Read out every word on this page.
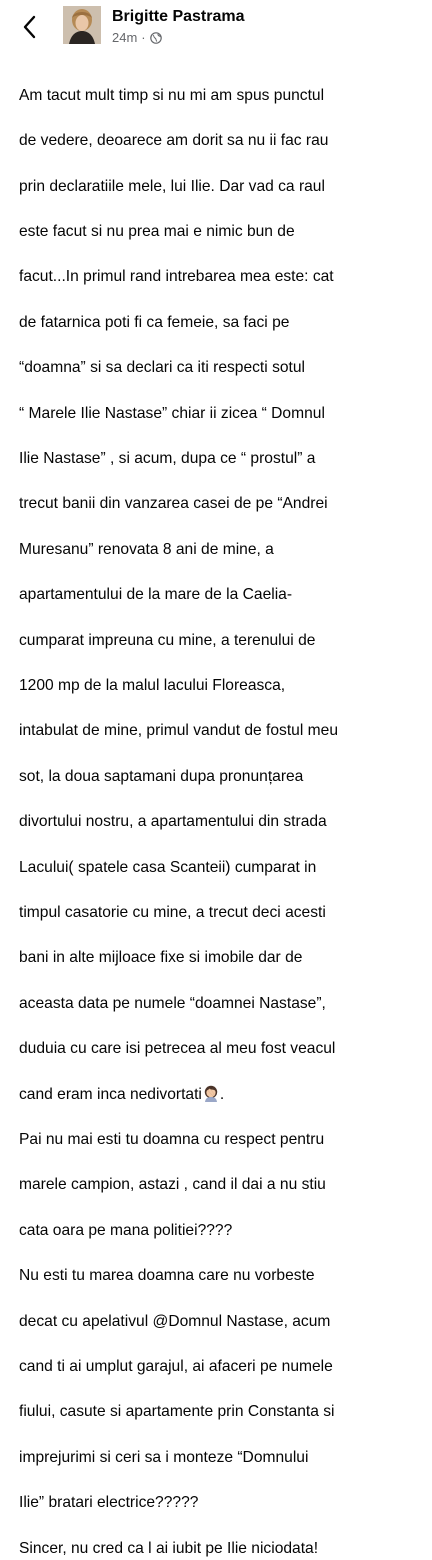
Brigitte Pastrama
24m ·

Am tacut mult timp si nu mi am spus punctul

de vedere, deoarece am dorit sa nu ii fac rau

prin declaratiile mele, lui Ilie. Dar vad ca raul

este facut si nu prea mai e nimic bun de

facut...In primul rand intrebarea mea este: cat

de fatarnica poti fi ca femeie, sa faci pe

“doamna” si sa declari ca iti respecti sotul

“ Marele Ilie Nastase” chiar ii zicea “ Domnul

Ilie Nastase” , si acum, dupa ce “ prostul” a

trecut banii din vanzarea casei de pe “Andrei

Muresanu” renovata 8 ani de mine, a

apartamentului de la mare de la Caelia-

cumparat impreuna cu mine, a terenului de

1200 mp de la malul lacului Floreasca,

intabulat de mine, primul vandut de fostul meu

sot, la doua saptamani dupa pronunțarea

divortului nostru, a apartamentului din strada

Lacului( spatele casa Scanteii) cumparat in

timpul casatorie cu mine, a trecut deci acesti

bani in alte mijloace fixe si imobile dar de

aceasta data pe numele “doamnei Nastase”,

duduia cu care isi petrecea al meu fost veacul

cand eram inca nedivortati .

Pai nu mai esti tu doamna cu respect pentru

marele campion, astazi , cand il dai a nu stiu

cata oara pe mana politiei????

Nu esti tu marea doamna care nu vorbeste

decat cu apelativul @Domnul Nastase, acum

cand ti ai umplut garajul, ai afaceri pe numele

fiului, casute si apartamente prin Constanta si

imprejurimi si ceri sa i monteze “Domnului

Ilie” bratari electrice?????

Sincer, nu cred ca l ai iubit pe Ilie niciodata!
